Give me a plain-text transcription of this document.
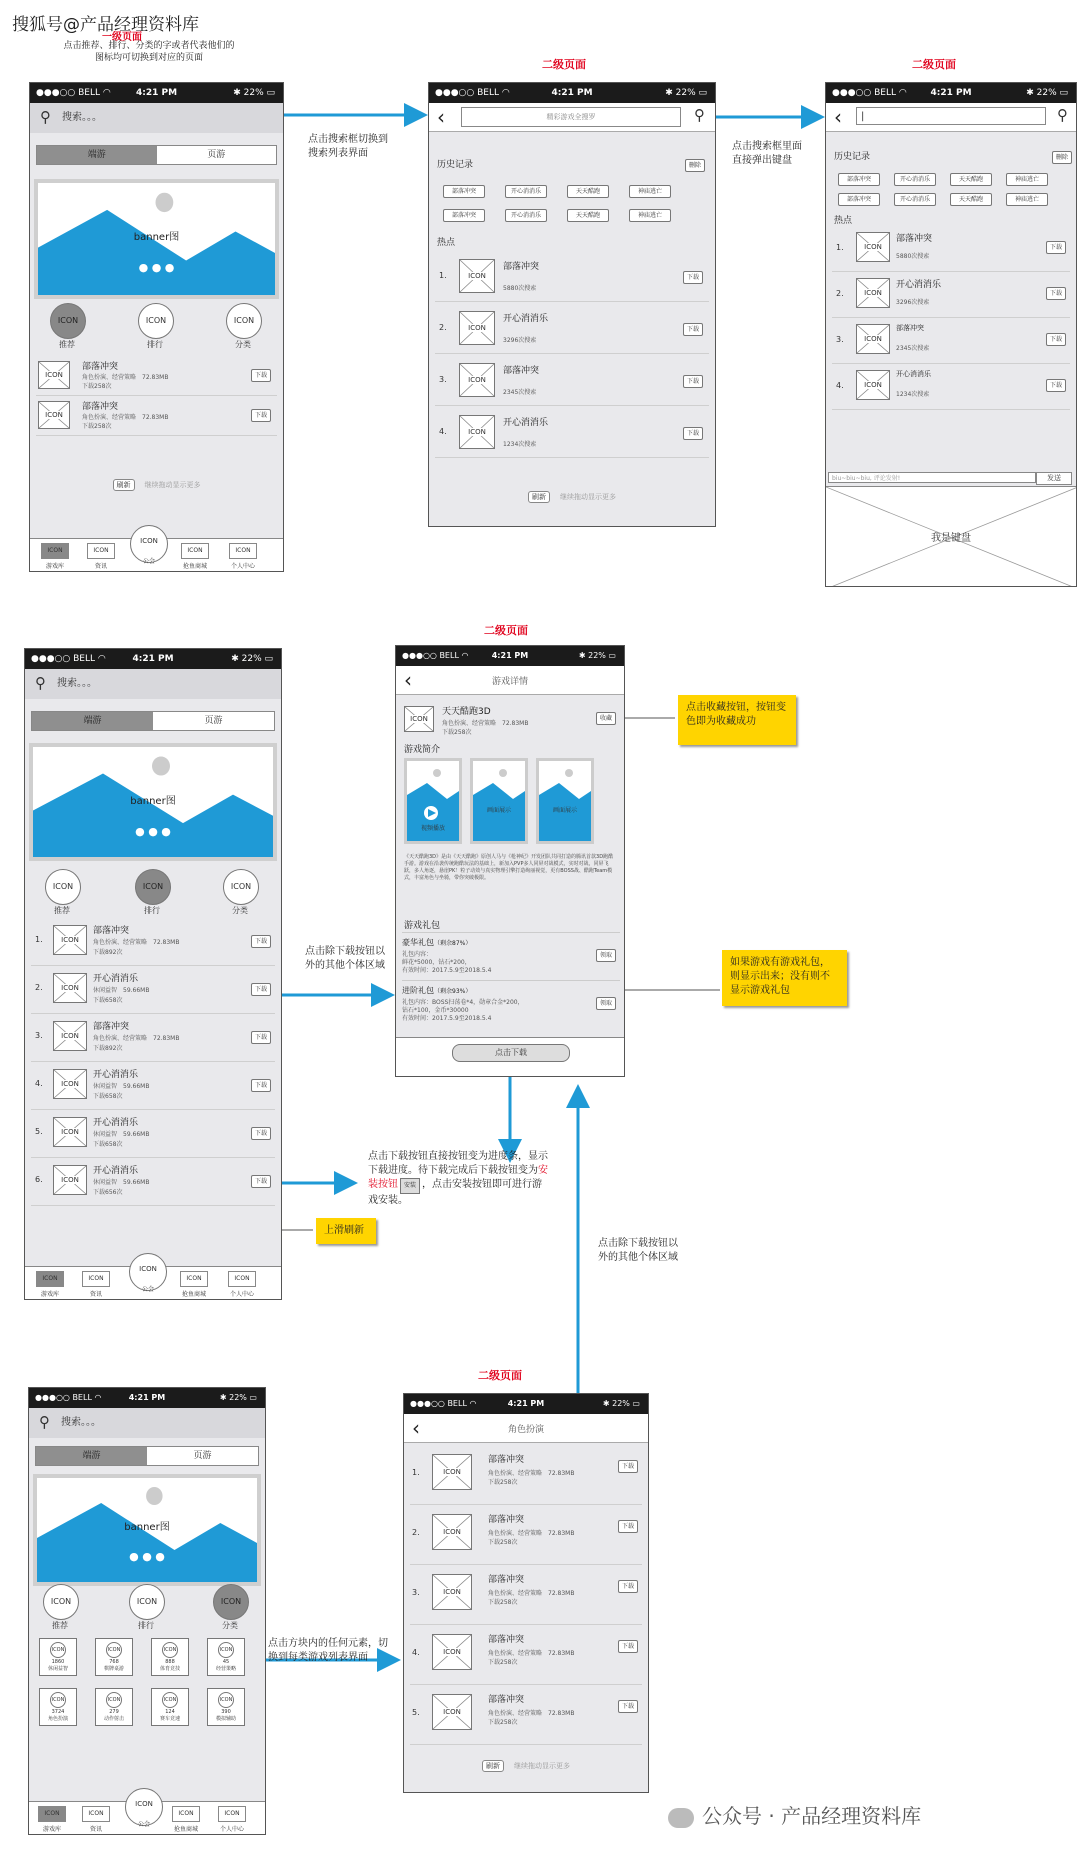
搜狐号@产品经理资料库
公众号 · 产品经理资料库
一级页面
二级页面	二级页面
二级页面
二级页面
点击推荐、排行、分类的字或者代表他们的图标均可切换到对应的页面
点击搜索框切换到搜索列表界面
点击搜索框里面直接弹出键盘
点击收藏按钮，按钮变色即为收藏成功
点击除下载按钮以外的其他个体区域	如果游戏有游戏礼包，则显示出来；没有则不显示游戏礼包
点击下载按钮直接按钮变为进度条，显示下载进度。待下载完成后下载按钮变为安装按钮 安装 ，点击安装按钮即可进行游戏安装。
上滑刷新
点击除下载按钮以外的其他个体区域
点击方块内的任何元素，切换到每类游戏列表界面
●●●○○ BELL ◠	4:21 PM	✱ 22% ▭
⚲ 搜索。。。
端游	页游
banner图
● ● ●
ICON	ICON	ICON
推荐	排行	分类
ICON
部落冲突
角色扮演、经营策略　72.83MB
下载258次
下载
ICON
部落冲突
角色扮演、经营策略　72.83MB
下载258次
下载
刷新 继续拖动显示更多
ICON
游戏库
ICON
资讯
ICON
公会
ICON
抢鱼商城
ICON
个人中心
●●●○○ BELL ◠	4:21 PM	✱ 22% ▭
‹	精彩游戏全搜罗	⚲
历史记录	删除
部落冲突	开心消消乐	天天酷跑	神庙逃亡
部落冲突	开心消消乐	天天酷跑	神庙逃亡
热点
1.	ICON
部落冲突
5880次搜索
下载
2.	ICON
开心消消乐
3296次搜索
下载
3.	ICON
部落冲突
2345次搜索
下载
4.	ICON
开心消消乐
1234次搜索
下载
刷新 继续拖动显示更多
●●●○○ BELL ◠	4:21 PM	✱ 22% ▭
‹	|	⚲
历史记录	删除
部落冲突	开心消消乐	天天酷跑	神庙逃亡
部落冲突	开心消消乐	天天酷跑	神庙逃亡
热点
1.	ICON
部落冲突
5880次搜索
下载
2.	ICON
开心消消乐
3296次搜索
下载
3.	ICON
部落冲突
2345次搜索
下载
4.	ICON
开心消消乐
1234次搜索
下载
biu~biu~biu, 评论发射!	发送
我是键盘
●●●○○ BELL ◠	4:21 PM	✱ 22% ▭
⚲ 搜索。。。
端游	页游
banner图
● ● ●
ICON	ICON	ICON
推荐	排行	分类
1.	ICON
部落冲突
角色扮演、经营策略　72.83MB
下载892次
下载
2.	ICON
开心消消乐
休闲益智　59.66MB
下载658次
下载
3.	ICON
部落冲突
角色扮演、经营策略　72.83MB
下载892次
下载
4.	ICON
开心消消乐
休闲益智　59.66MB
下载658次
下载
5.	ICON
开心消消乐
休闲益智　59.66MB
下载658次
下载
6.	ICON
开心消消乐
休闲益智　59.66MB
下载656次
下载
ICON
游戏库
ICON
资讯
ICON
公会
ICON
抢鱼商城
ICON
个人中心
●●●○○ BELL ◠	4:21 PM	✱ 22% ▭
‹	游戏详情
ICON
天天酷跑3D
角色扮演、经营策略　72.83MB
下载258次
收藏
游戏简介
视频播放
画面展示	画面展示
《天天酷跑3D》是由《天天酷跑》原创人马与《枪神纪》开发团队共同打造的腾讯首款3D跑酷手游。游戏在沿袭传统跑酷玩法的基础上，新加入PVP多人同屏对战模式，实时对战，同屏飞跃，多人角逐，悬崖PK！粒子动效与真实物理引擎打造绚丽视觉，更有BOSS战、酷跑Team模式，丰富角色与坐骑，带你突破极限。
游戏礼包
豪华礼包（剩余87%）
礼包内容：
鲜花*5000，钻石*200，
有效时间：2017.5.9至2018.5.4
领取
进阶礼包（剩余93%）
礼包内容：BOSS扫荡卷*4，勋章合金*200，
钻石*100，金币*30000
有效时间：2017.5.9至2018.5.4
领取
点击下载
●●●○○ BELL ◠	4:21 PM	✱ 22% ▭
⚲ 搜索。。。
端游	页游
banner图
● ● ●
ICON	ICON	ICON
推荐	排行	分类
ICON
1860
休闲益智
ICON
768
棋牌桌游
ICON
888
体育竞技
ICON
45
经营策略
ICON
3724
角色扮演
ICON
279
动作射击
ICON
124
赛车竞速
ICON
390
模拟辅助
ICON
游戏库
ICON
资讯
ICON
公会
ICON
抢鱼商城
ICON
个人中心
●●●○○ BELL ◠	4:21 PM	✱ 22% ▭
‹	角色扮演
1.	ICON
部落冲突
角色扮演、经营策略　72.83MB
下载258次
下载
2.	ICON
部落冲突
角色扮演、经营策略　72.83MB
下载258次
下载
3.	ICON
部落冲突
角色扮演、经营策略　72.83MB
下载258次
下载
4.	ICON
部落冲突
角色扮演、经营策略　72.83MB
下载258次
下载
5.	ICON
部落冲突
角色扮演、经营策略　72.83MB
下载258次
下载
刷新 继续拖动显示更多
